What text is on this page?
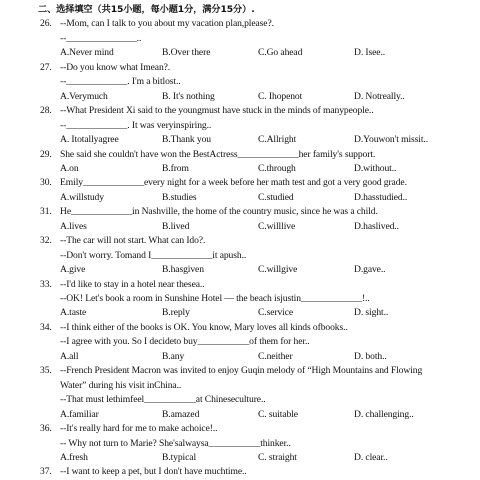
二、选择填空（共15小题，每小题1分，满分15分）.
26. --Mom, can I talk to you about my vacation plan,please?.
--_______________..
A.Never mind	B.Over there	C.Go ahead	D. Isee..
27. --Do you know what Imean?.
--_____________. I'm a bitlost..
A.Verymuch	B. It's nothing	C. Ihopenot	D. Notreally..
28. --What President Xi said to the youngmust have stuck in the minds of manypeople..
--_____________. It was veryinspiring..
A. Itotallyagree	B.Thank you	C.Allright	D.Youwon't missit..
29. She said she couldn't have won the BestActress_____________her family's support.
A.on	B.from	C.through	D.without..
30. Emily_____________every night for a week before her math test and got a very good grade.
A.willstudy	B.studies	C.studied	D.hasstudied..
31. He_____________in Nashville, the home of the country music, since he was a child.
A.lives	B.lived	C.willlive	D.haslived..
32. --The car will not start. What can Ido?.
--Don't worry. Tomand I_____________it apush..
A.give	B.hasgiven	C.willgive	D.gave..
33. --I'd like to stay in a hotel near thesea..
--OK! Let's book a room in Sunshine Hotel — the beach isjustin_____________!..
A.taste	B.reply	C.service	D. sight..
34. --I think either of the books is OK. You know, Mary loves all kinds ofbooks..
--I agree with you. So I decideto buy___________of them for her..
A.all	B.any	C.neither	D. both..
35. --French President Macron was invited to enjoy Guqin melody of “High Mountains and Flowing
Water” during his visit inChina..
--That must lethimfeel___________at Chineseculture..
A.familiar	B.amazed	C. suitable	D. challenging..
36. --It's really hard for me to make achoice!..
-- Why not turn to Marie? She'salwaysa___________thinker..
A.fresh	B.typical	C. straight	D. clear..
37. --I want to keep a pet, but I don't have muchtime..
